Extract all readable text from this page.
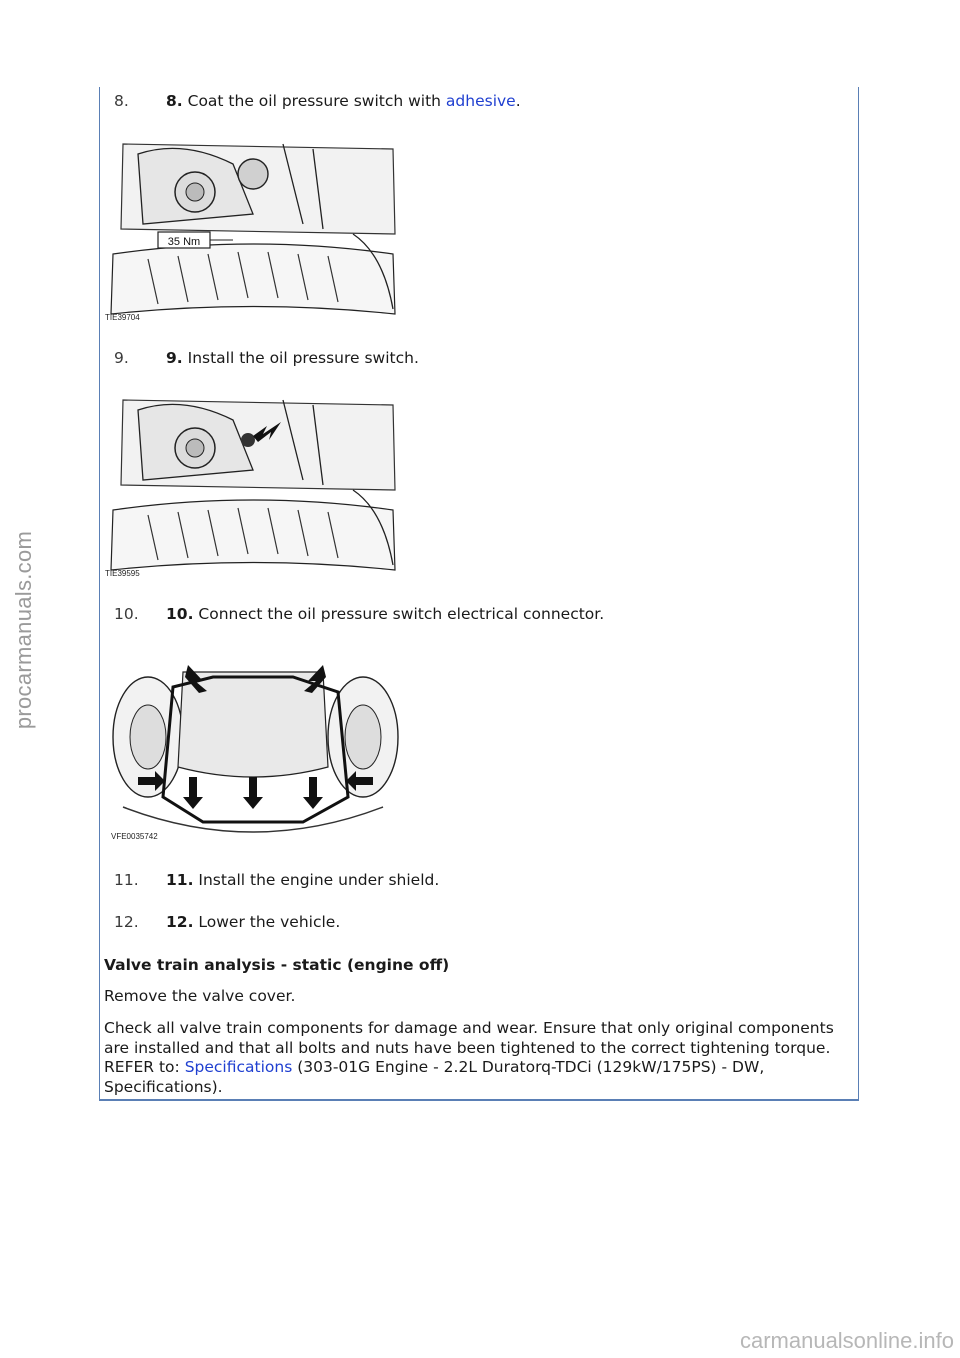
procarmanuals.com
8.	8. Coat the oil pressure switch with adhesive.
35 Nm
TIE39704
9.	9. Install the oil pressure switch.
TIE39595
10.	10. Connect the oil pressure switch electrical connector.
VFE0035742
11.	11. Install the engine under shield.
12.	12. Lower the vehicle.
Valve train analysis - static (engine off)
Remove the valve cover.
Check all valve train components for damage and wear. Ensure that only original components are installed and that all bolts and nuts have been tightened to the correct tightening torque. REFER to: Specifications (303-01G Engine - 2.2L Duratorq-TDCi (129kW/175PS) - DW, Specifications).
carmanualsonline.info
